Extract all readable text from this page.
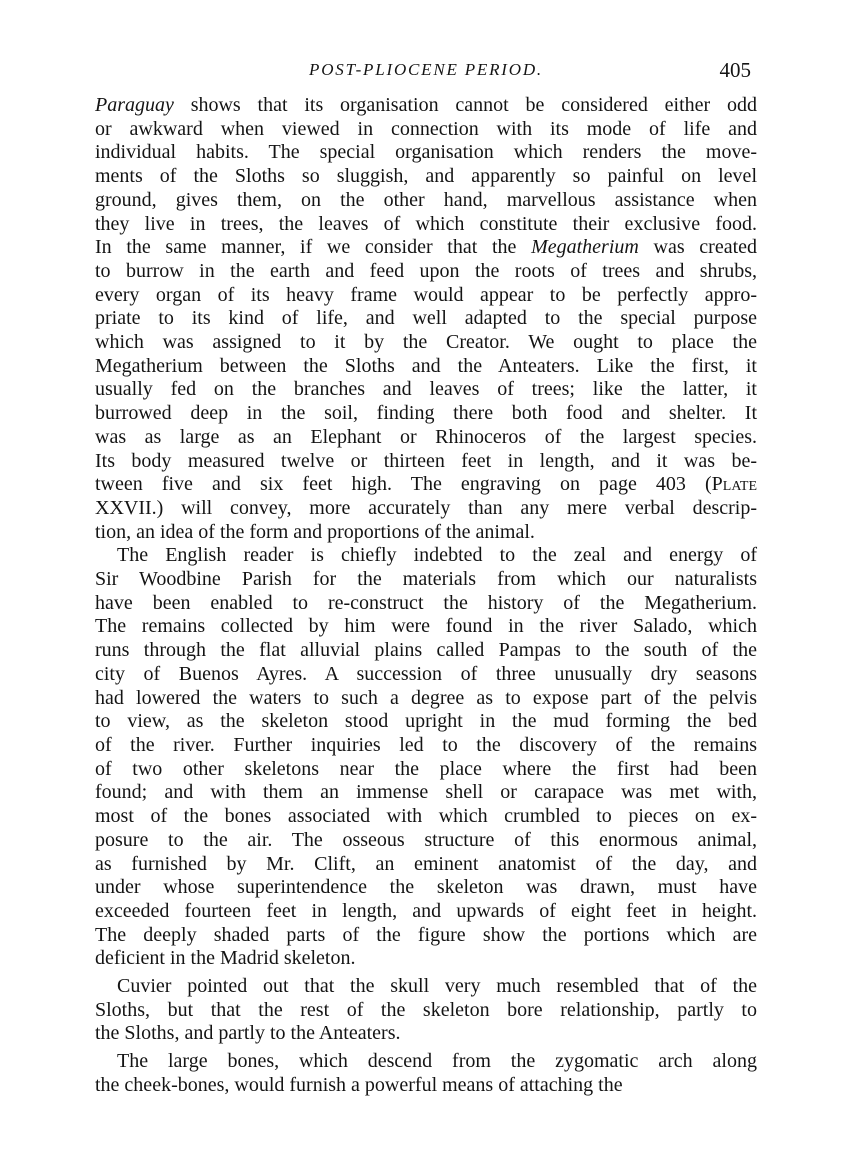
POST-PLIOCENE PERIOD.	405
Paraguay shows that its organisation cannot be considered either odd
or awkward when viewed in connection with its mode of life and
individual habits. The special organisation which renders the move-
ments of the Sloths so sluggish, and apparently so painful on level
ground, gives them, on the other hand, marvellous assistance when
they live in trees, the leaves of which constitute their exclusive food.
In the same manner, if we consider that the Megatherium was created
to burrow in the earth and feed upon the roots of trees and shrubs,
every organ of its heavy frame would appear to be perfectly appro-
priate to its kind of life, and well adapted to the special purpose
which was assigned to it by the Creator. We ought to place the
Megatherium between the Sloths and the Anteaters. Like the first, it
usually fed on the branches and leaves of trees; like the latter, it
burrowed deep in the soil, finding there both food and shelter. It
was as large as an Elephant or Rhinoceros of the largest species.
Its body measured twelve or thirteen feet in length, and it was be-
tween five and six feet high. The engraving on page 403 (Plate
XXVII.) will convey, more accurately than any mere verbal descrip-
tion, an idea of the form and proportions of the animal.
The English reader is chiefly indebted to the zeal and energy of
Sir Woodbine Parish for the materials from which our naturalists
have been enabled to re-construct the history of the Megatherium.
The remains collected by him were found in the river Salado, which
runs through the flat alluvial plains called Pampas to the south of the
city of Buenos Ayres. A succession of three unusually dry seasons
had lowered the waters to such a degree as to expose part of the pelvis
to view, as the skeleton stood upright in the mud forming the bed
of the river. Further inquiries led to the discovery of the remains
of two other skeletons near the place where the first had been
found; and with them an immense shell or carapace was met with,
most of the bones associated with which crumbled to pieces on ex-
posure to the air. The osseous structure of this enormous animal,
as furnished by Mr. Clift, an eminent anatomist of the day, and
under whose superintendence the skeleton was drawn, must have
exceeded fourteen feet in length, and upwards of eight feet in height.
The deeply shaded parts of the figure show the portions which are
deficient in the Madrid skeleton.
Cuvier pointed out that the skull very much resembled that of the
Sloths, but that the rest of the skeleton bore relationship, partly to
the Sloths, and partly to the Anteaters.
The large bones, which descend from the zygomatic arch along
the cheek-bones, would furnish a powerful means of attaching the
